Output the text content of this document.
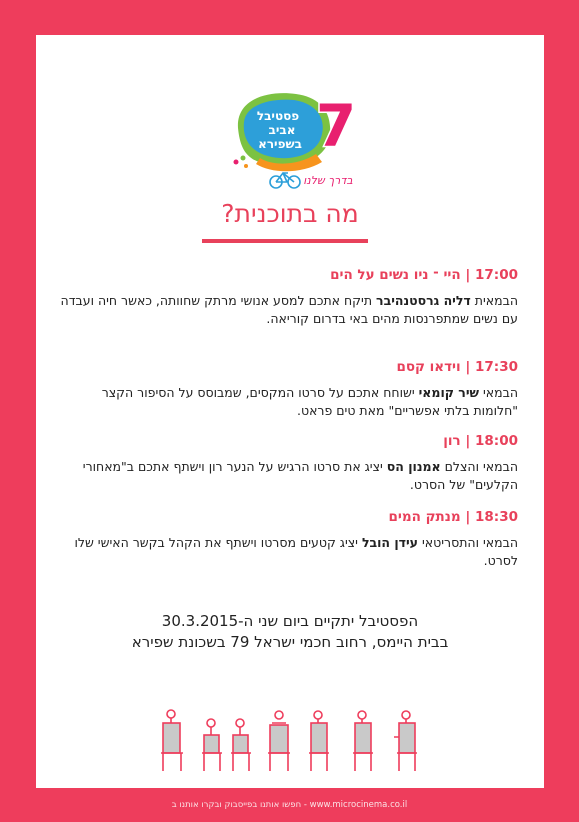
פסטיבל
אביב
בשפירא 7
בדרך שלנו
מה בתוכנית?
17:00 | היי ־ ניו נשים על הים
הבמאית דליה גרסטנהיבר תיקח אתכם למסע אנושי מרתק שחוותה, כאשר חיה ועבדה עם נשים שמתפרנסות מהים באי בדרום קוריאה.
17:30 | וידאו קסם
הבמאי שיר קומאי ישוחח אתכם על סרטו המקסים, שמבוסס על הסיפור הקצר "חלומות בלתי אפשריים" מאת טים פראט.
18:00 | רון
הבמאי והצלם אמנון הס יציג את סרטו הרגיש על הנער רון וישתף אתכם ב"מאחורי הקלעים" של הסרט.
18:30 | מנתק המים
הבמאי והתסריטאי עידן הובל יציג קטעים מסרטו וישתף את הקהל בקשר האישי שלו לסרט.
הפסטיבל יתקיים ביום שני ה-30.3.2015
בבית היימס, רחוב חכמי ישראל 79 בשכונת שפירא
חפשו אותנו בפייסבוק ובקרו אותנו ב - www.microcinema.co.il
